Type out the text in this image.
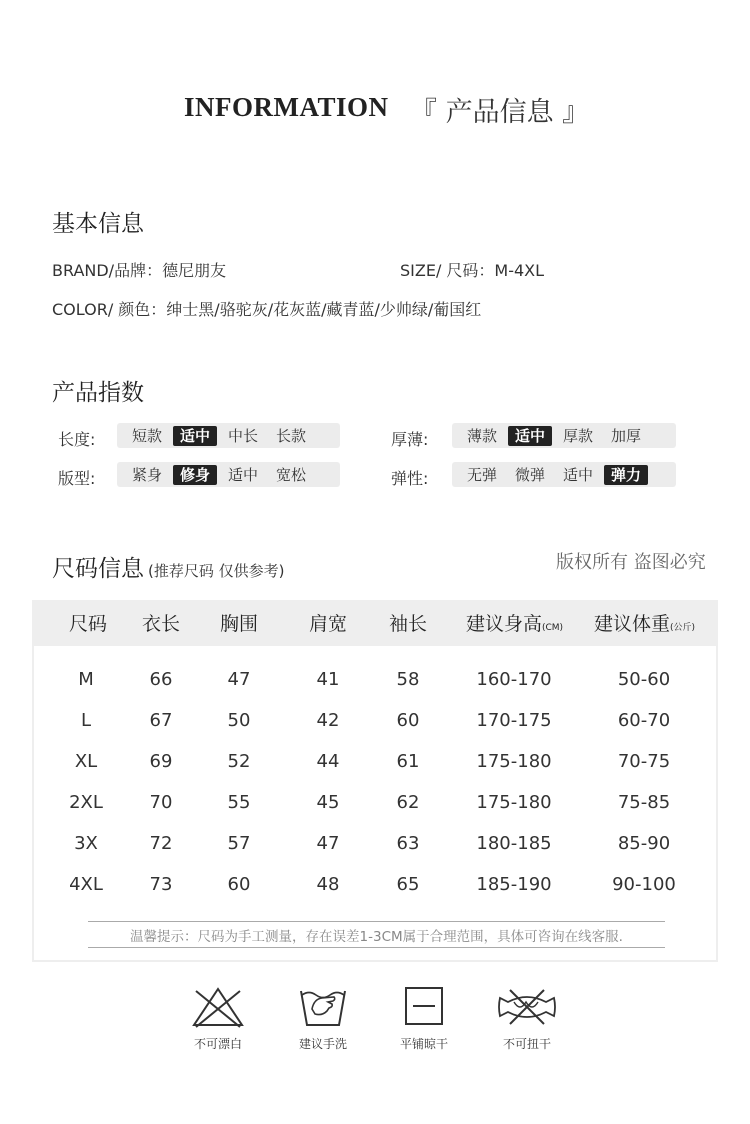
INFORMATION 『 产品信息 』
基本信息
BRAND/品牌：德尼朋友	SIZE/ 尺码：M-4XL
COLOR/ 颜色：绅士黑/骆驼灰/花灰蓝/藏青蓝/少帅绿/葡国红
产品指数
长度:	短款	适中	中长	长款	厚薄:	薄款	适中	厚款	加厚
版型:	紧身	修身	适中	宽松	弹性:	无弹	微弹	适中	弹力
尺码信息 (推荐尺码 仅供参考)	版权所有 盗图必究
尺码	衣长	胸围	肩宽	袖长	建议身高(CM)	建议体重(公斤)
M	66	47	41	58	160-170	50-60
L	67	50	42	60	170-175	60-70
XL	69	52	44	61	175-180	70-75
2XL	70	55	45	62	175-180	75-85
3X	72	57	47	63	180-185	85-90
4XL	73	60	48	65	185-190	90-100
温馨提示：尺码为手工测量，存在误差1-3CM属于合理范围，具体可咨询在线客服.
不可漂白	建议手洗	平铺晾干	不可扭干
